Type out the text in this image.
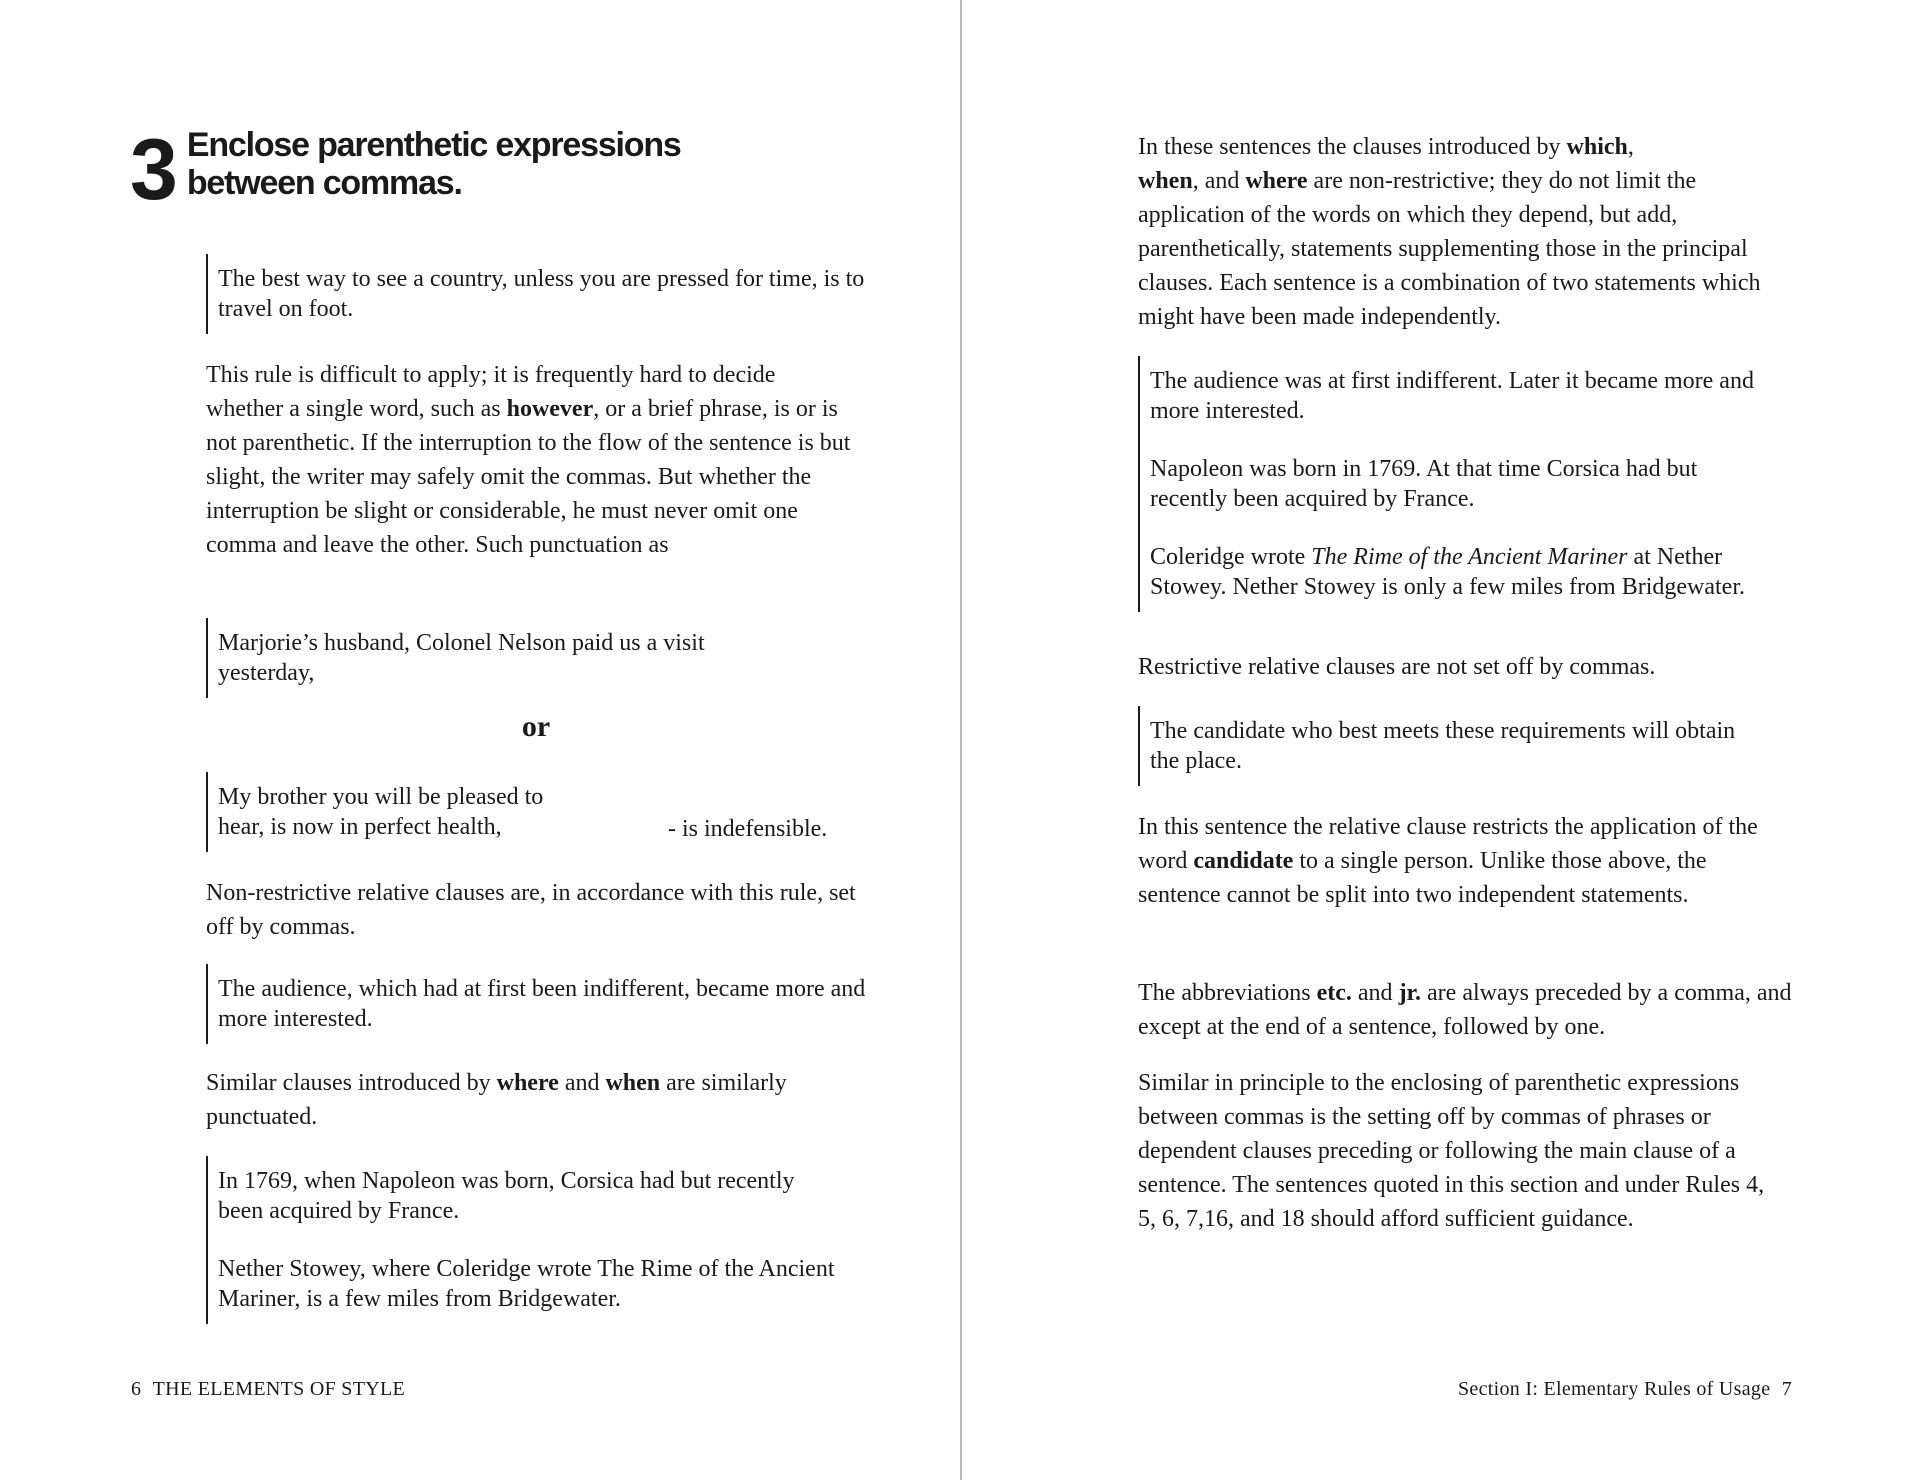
3 Enclose parenthetic expressions
between commas.
The best way to see a country, unless you are pressed for time, is to travel on foot.

This rule is difficult to apply; it is frequently hard to decide whether a single word, such as however, or a brief phrase, is or is not parenthetic. If the interruption to the flow of the sentence is but slight, the writer may safely omit the commas. But whether the interruption be slight or considerable, he must never omit one comma and leave the other. Such punctuation as

Marjorie’s husband, Colonel Nelson paid us a visit yesterday,
or
My brother you will be pleased to
hear, is now in perfect health,	- is indefensible.

Non-restrictive relative clauses are, in accordance with this rule, set off by commas.

The audience, which had at first been indifferent, became more and more interested.

Similar clauses introduced by where and when are similarly punctuated.

In 1769, when Napoleon was born, Corsica had but recently been acquired by France.
Nether Stowey, where Coleridge wrote The Rime of the Ancient Mariner, is a few miles from Bridgewater.
6 THE ELEMENTS OF STYLE

In these sentences the clauses introduced by which,
when, and where are non-restrictive; they do not limit the application of the words on which they depend, but add, parenthetically, statements supplementing those in the principal clauses. Each sentence is a combination of two statements which might have been made independently.

The audience was at first indifferent. Later it became more and more interested.
Napoleon was born in 1769. At that time Corsica had but recently been acquired by France.
Coleridge wrote The Rime of the Ancient Mariner at Nether Stowey. Nether Stowey is only a few miles from Bridgewater.

Restrictive relative clauses are not set off by commas.

The candidate who best meets these requirements will obtain the place.

In this sentence the relative clause restricts the application of the word candidate to a single person. Unlike those above, the sentence cannot be split into two independent statements.

The abbreviations etc. and jr. are always preceded by a comma, and except at the end of a sentence, followed by one.

Similar in principle to the enclosing of parenthetic expressions between commas is the setting off by commas of phrases or dependent clauses preceding or following the main clause of a sentence. The sentences quoted in this section and under Rules 4, 5, 6, 7,16, and 18 should afford sufficient guidance.

Section I: Elementary Rules of Usage 7
